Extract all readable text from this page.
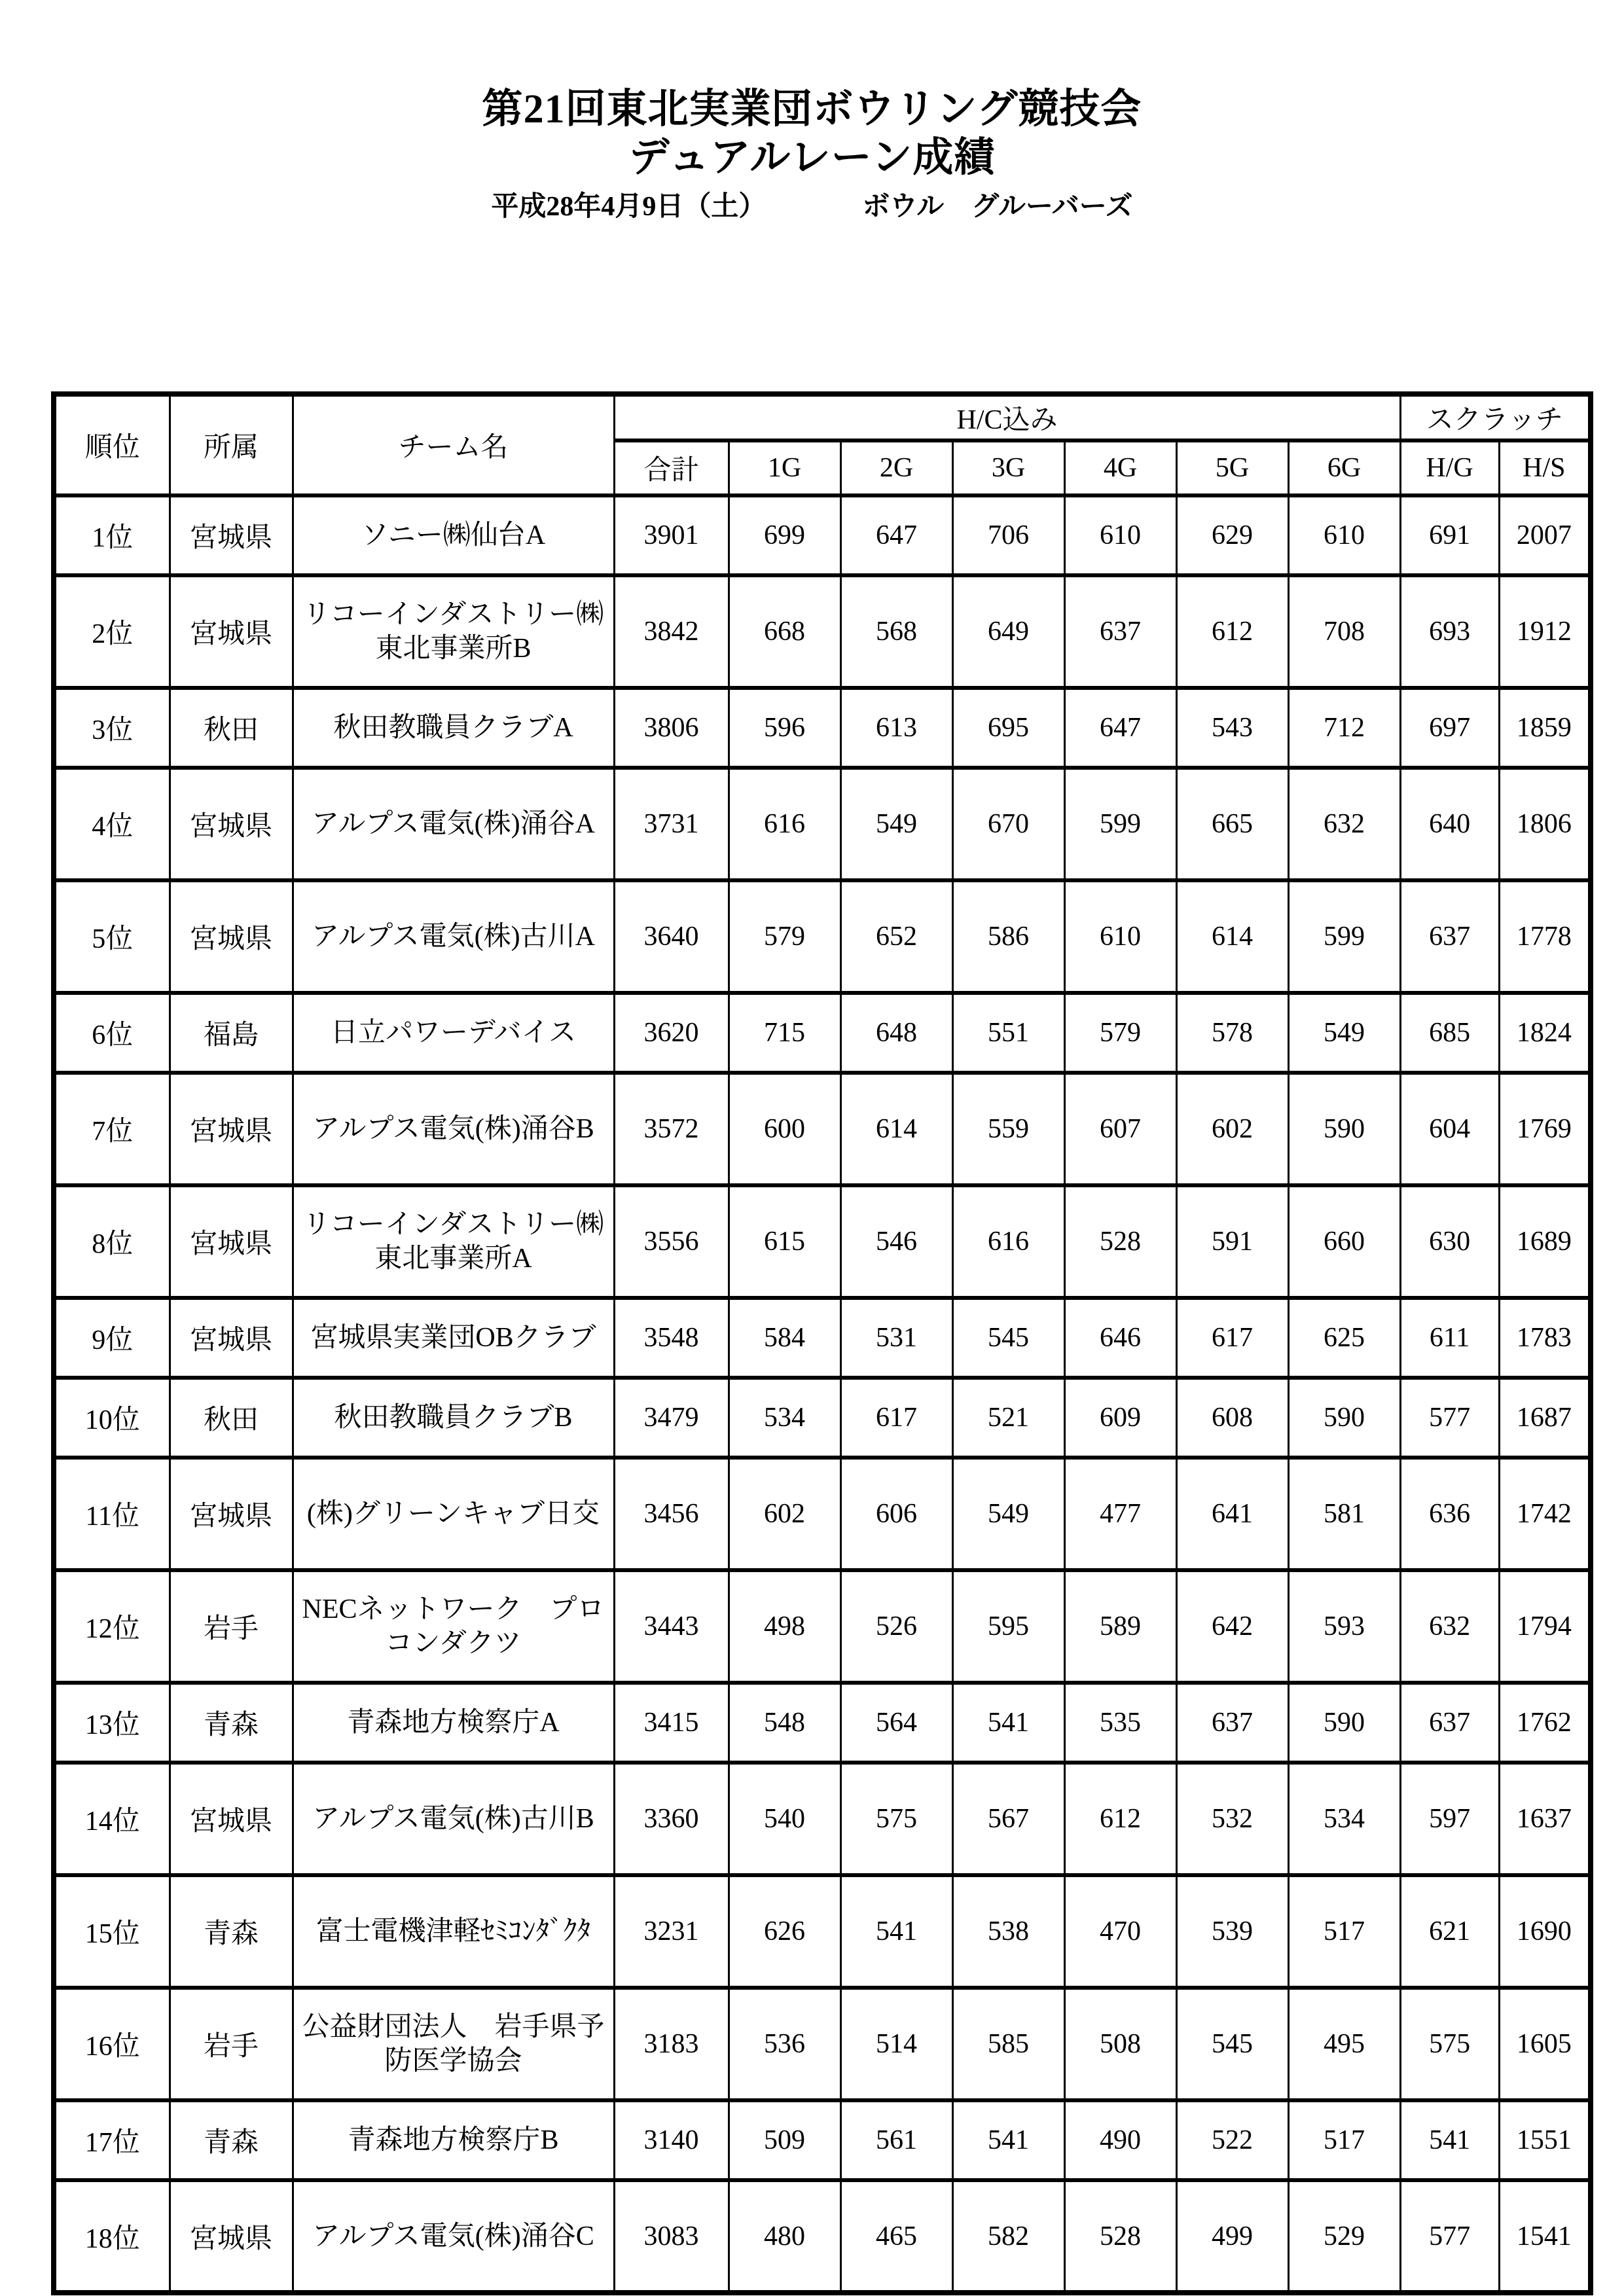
第21回東北実業団ボウリング競技会
デュアルレーン成績
平成28年4月9日（土）　　　　ボウル　グルーバーズ
順位	所属	チーム名	H/C込み							スクラッチ	
			合計	1G	2G	3G	4G	5G	6G	H/G	H/S
1位	宮城県	ソニー㈱仙台A	3901	699	647	706	610	629	610	691	2007
2位	宮城県	リコーインダストリー㈱東北事業所B	3842	668	568	649	637	612	708	693	1912
3位	秋田	秋田教職員クラブA	3806	596	613	695	647	543	712	697	1859
4位	宮城県	アルプス電気(株)涌谷A	3731	616	549	670	599	665	632	640	1806
5位	宮城県	アルプス電気(株)古川A	3640	579	652	586	610	614	599	637	1778
6位	福島	日立パワーデバイス	3620	715	648	551	579	578	549	685	1824
7位	宮城県	アルプス電気(株)涌谷B	3572	600	614	559	607	602	590	604	1769
8位	宮城県	リコーインダストリー㈱東北事業所A	3556	615	546	616	528	591	660	630	1689
9位	宮城県	宮城県実業団OBクラブ	3548	584	531	545	646	617	625	611	1783
10位	秋田	秋田教職員クラブB	3479	534	617	521	609	608	590	577	1687
11位	宮城県	(株)グリーンキャブ日交	3456	602	606	549	477	641	581	636	1742
12位	岩手	NECネットワーク　プロコンダクツ	3443	498	526	595	589	642	593	632	1794
13位	青森	青森地方検察庁A	3415	548	564	541	535	637	590	637	1762
14位	宮城県	アルプス電気(株)古川B	3360	540	575	567	612	532	534	597	1637
15位	青森	富士電機津軽ｾﾐｺﾝﾀﾞｸﾀ	3231	626	541	538	470	539	517	621	1690
16位	岩手	公益財団法人　岩手県予防医学協会	3183	536	514	585	508	545	495	575	1605
17位	青森	青森地方検察庁B	3140	509	561	541	490	522	517	541	1551
18位	宮城県	アルプス電気(株)涌谷C	3083	480	465	582	528	499	529	577	1541
